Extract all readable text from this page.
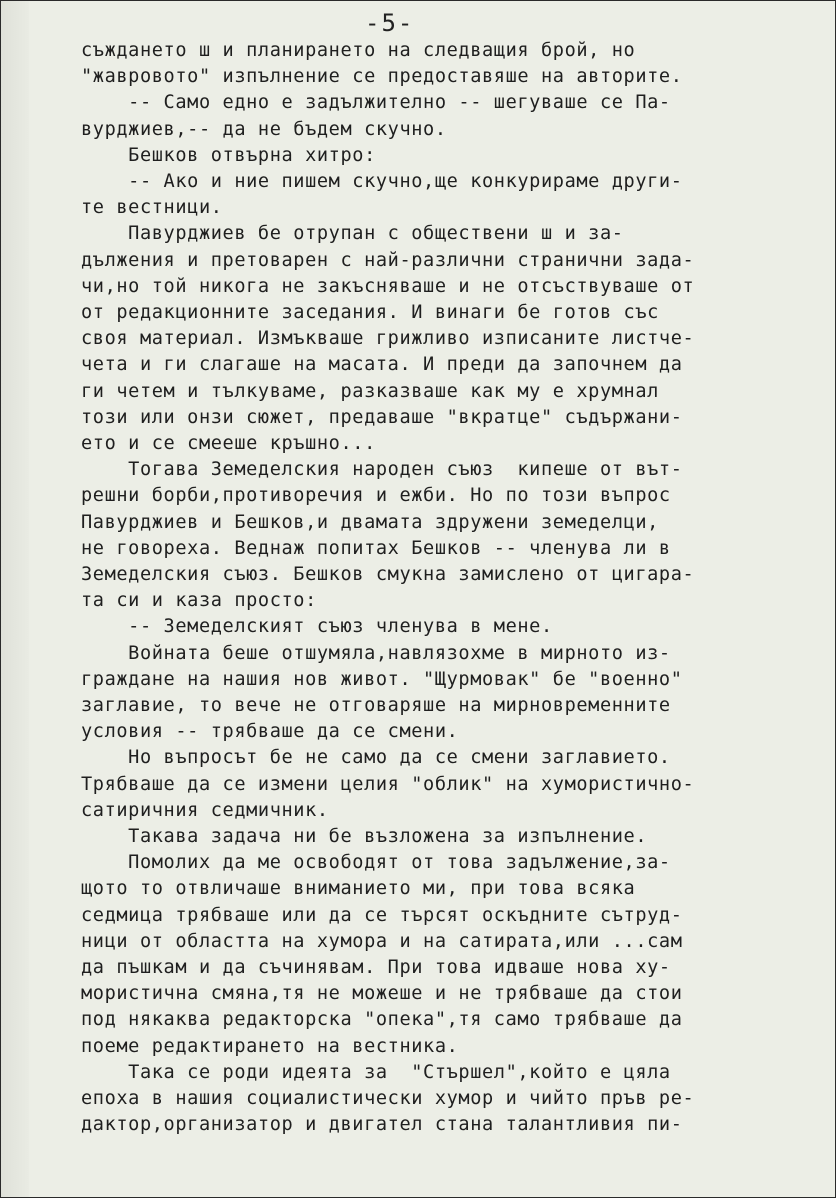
-5-
съждането ш и планирането на следващия брой, но
"жавровото" изпълнение се предоставяше на авторите.
-- Само едно е задължително -- шегуваше се Па-
вурджиев,-- да не бъдем скучно.
Бешков отвърна хитро:
-- Ако и ние пишем скучно,ще конкурираме други-
те вестници.
Павурджиев бе отрупан с обществени ш и за-
дължения и претоварен с най-различни странични зада-
чи,но той никога не закъсняваше и не отсъствуваше от
от редакционните заседания. И винаги бе готов със
своя материал. Измъкваше грижливо изписаните листче-
чета и ги слагаше на масата. И преди да започнем да
ги четем и тълкуваме, разказваше как му е хрумнал
този или онзи сюжет, предаваше "вкратце" съдържани-
ето и се смееше кръшно...
Тогава Земеделския народен съюз  кипеше от вът-
решни борби,противоречия и ежби. Но по този въпрос
Павурджиев и Бешков,и двамата здружени земеделци,
не говореха. Веднаж попитах Бешков -- членува ли в
Земеделския съюз. Бешков смукна замислено от цигара-
та си и каза просто:
-- Земеделският съюз членува в мене.
Войната беше отшумяла,навлязохме в мирното из-
граждане на нашия нов живот. "Щурмовак" бе "военно"
заглавие, то вече не отговаряше на мирновременните
условия -- трябваше да се смени.
Но въпросът бе не само да се смени заглавието.
Трябваше да се измени целия "облик" на хумористично-
сатиричния седмичник.
Такава задача ни бе възложена за изпълнение.
Помолих да ме освободят от това задължение,за-
щото то отвличаше вниманието ми, при това всяка
седмица трябваше или да се търсят оскъдните сътруд-
ници от областта на хумора и на сатирата,или ...сам
да пъшкам и да съчинявам. При това идваше нова ху-
мористична смяна,тя не можеше и не трябваше да стои
под някаква редакторска "опека",тя само трябваше да
поеме редактирането на вестника.
Така се роди идеята за  "Стършел",който е цяла
епоха в нашия социалистически хумор и чийто пръв ре-
дактор,организатор и двигател стана талантливия пи-
